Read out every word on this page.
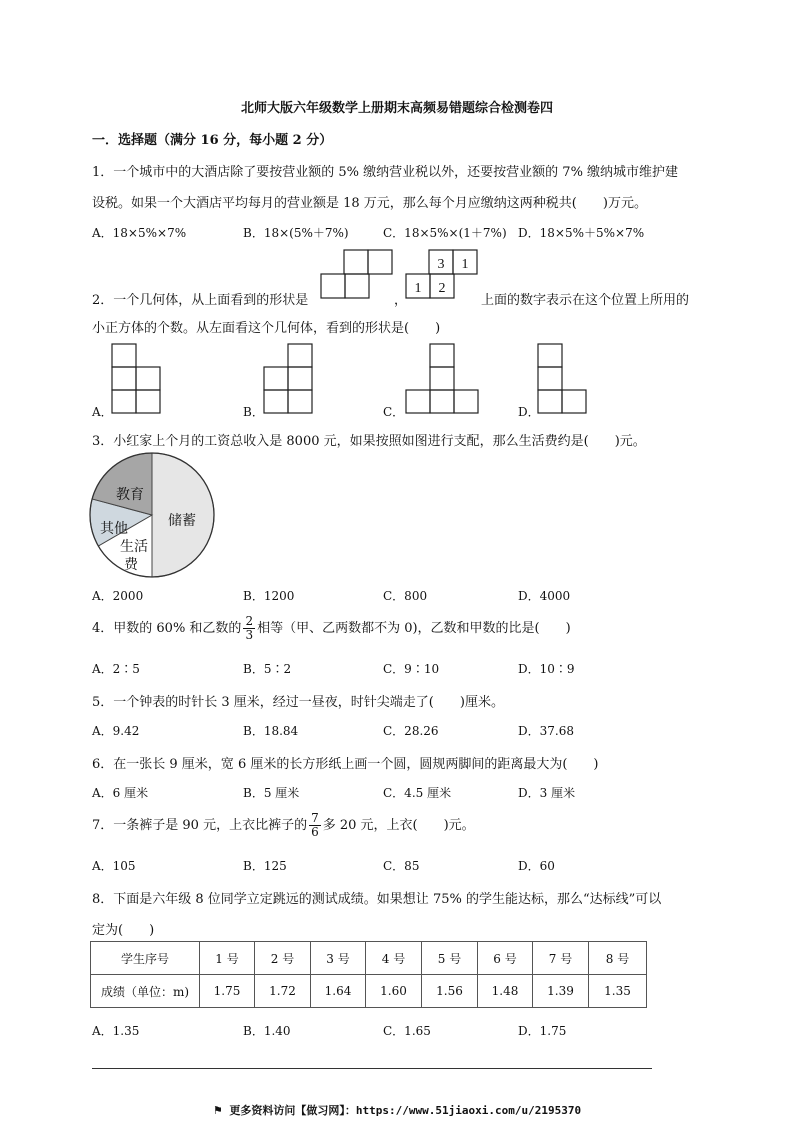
北师大版六年级数学上册期末高频易错题综合检测卷四
一．选择题（满分 16 分，每小题 2 分）
1．一个城市中的大酒店除了要按营业额的 5% 缴纳营业税以外，还要按营业额的 7% 缴纳城市维护建
设税。如果一个大酒店平均每月的营业额是 18 万元，那么每个月应缴纳这两种税共(　　)万元。
A．18×5%×7%	B．18×(5%＋7%)	C．18×5%×(1＋7%) D．18×5%＋5%×7%
2．一个几何体，从上面看到的形状是	，
3 1
1 2
上面的数字表示在这个位置上所用的
小正方体的个数。从左面看这个几何体，看到的形状是(　　)
A．	B．	C．	D．
3．小红家上个月的工资总收入是 8000 元，如果按照如图进行支配，那么生活费约是(　　)元。
教育
其他
生活
费
储蓄
A．2000	B．1200	C．800	D．4000
4．甲数的 60% 和乙数的 $\frac{2}{3}$ 相等（甲、乙两数都不为 0)，乙数和甲数的比是(　　)
A．2∶5	B．5∶2	C．9∶10	D．10∶9
5．一个钟表的时针长 3 厘米，经过一昼夜，时针尖端走了(　　)厘米。
A．9.42	B．18.84	C．28.26	D．37.68
6．在一张长 9 厘米，宽 6 厘米的长方形纸上画一个圆，圆规两脚间的距离最大为(　　)
A．6 厘米	B．5 厘米	C．4.5 厘米	D．3 厘米
7．一条裤子是 90 元，上衣比裤子的 $\frac{7}{6}$ 多 20 元，上衣(　　)元。
A．105	B．125	C．85	D．60
8．下面是六年级 8 位同学立定跳远的测试成绩。如果想让 75% 的学生能达标，那么“达标线”可以
定为(　　)
学生序号	1 号	2 号	3 号	4 号	5 号	6 号	7 号	8 号
成绩（单位：m)	1.75	1.72	1.64	1.60	1.56	1.48	1.39	1.35
A．1.35	B．1.40	C．1.65	D．1.75
⚑ 更多资料访问【做习网】：https://www.51jiaoxi.com/u/2195370
